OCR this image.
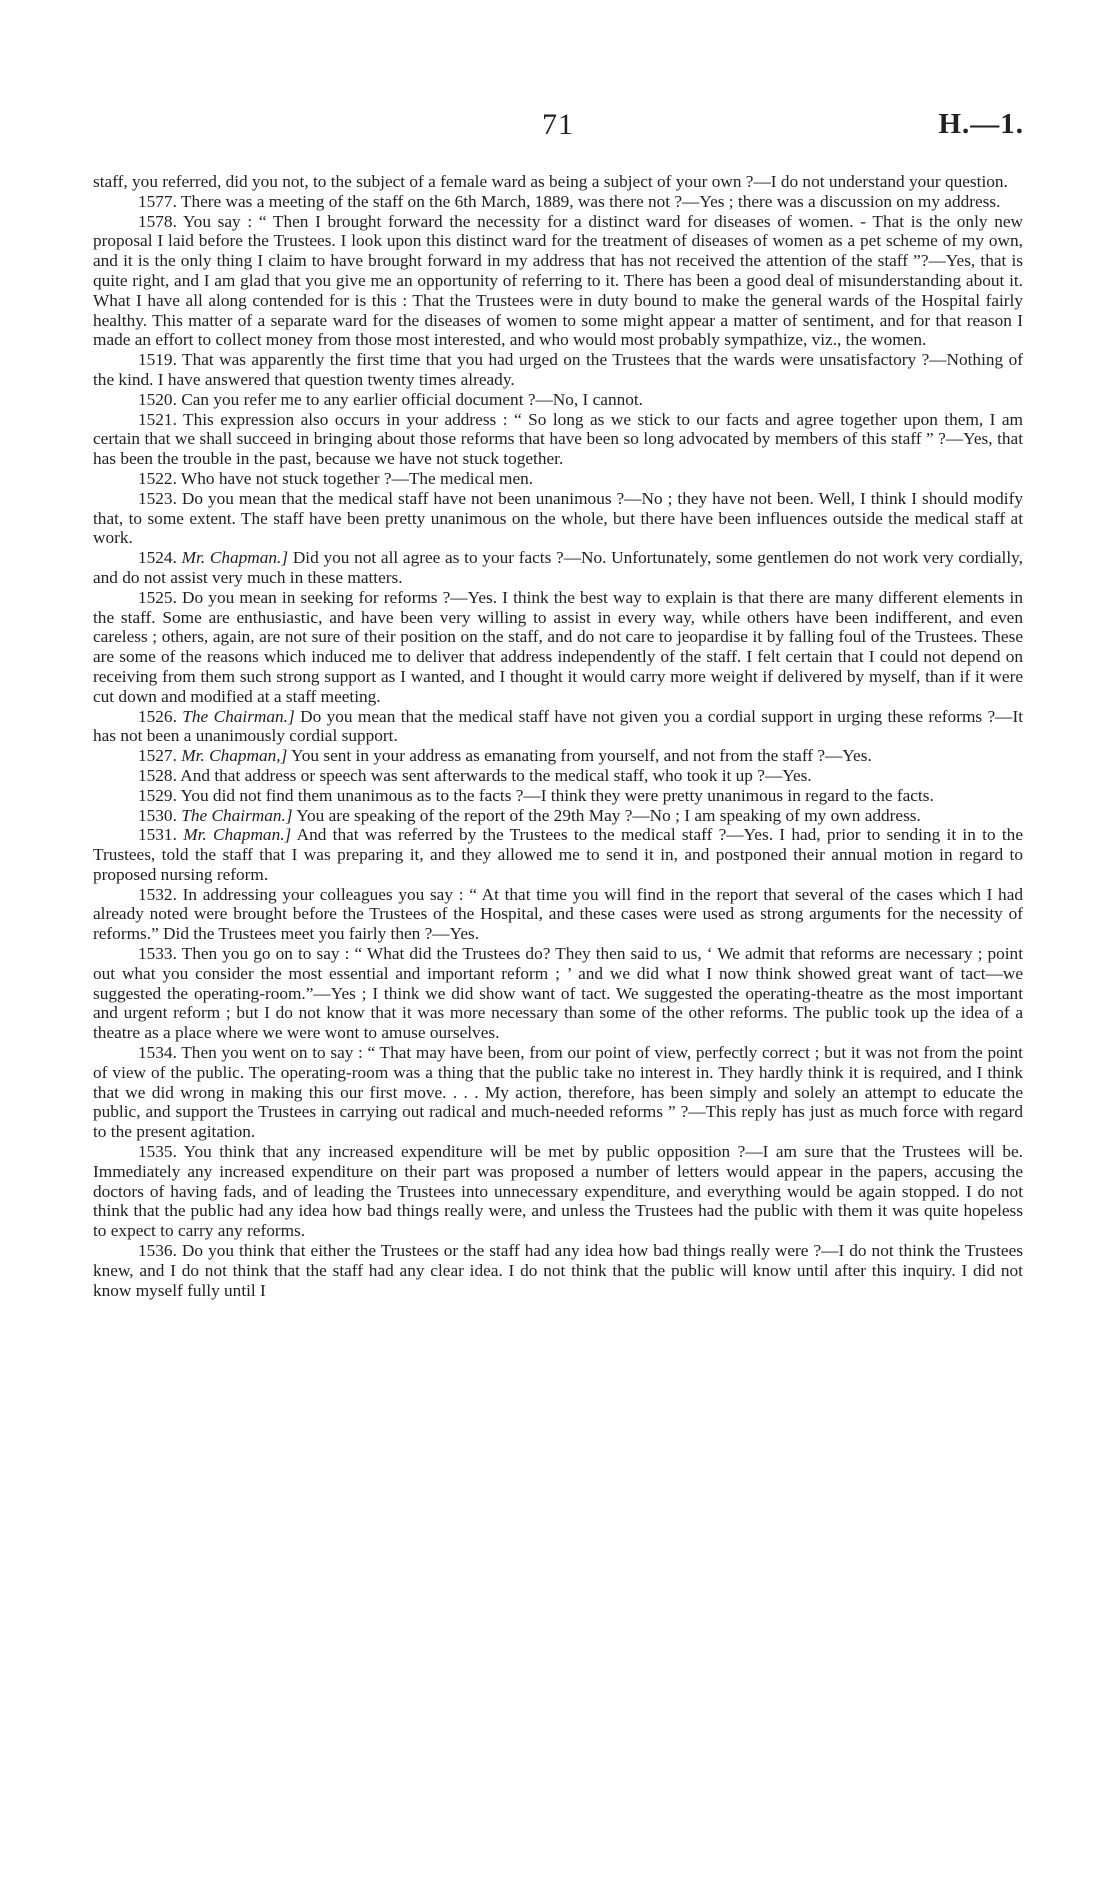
71	H.—1.

staff, you referred, did you not, to the subject of a female ward as being a subject of your own ?—I do not understand your question.

1577. There was a meeting of the staff on the 6th March, 1889, was there not ?—Yes ; there was a discussion on my address.

1578. You say : “ Then I brought forward the necessity for a distinct ward for diseases of women. - That is the only new proposal I laid before the Trustees. I look upon this distinct ward for the treatment of diseases of women as a pet scheme of my own, and it is the only thing I claim to have brought forward in my address that has not received the attention of the staff ”?—Yes, that is quite right, and I am glad that you give me an opportunity of referring to it. There has been a good deal of misunderstanding about it. What I have all along contended for is this : That the Trustees were in duty bound to make the general wards of the Hospital fairly healthy. This matter of a separate ward for the diseases of women to some might appear a matter of sentiment, and for that reason I made an effort to collect money from those most interested, and who would most probably sympathize, viz., the women.

1519. That was apparently the first time that you had urged on the Trustees that the wards were unsatisfactory ?—Nothing of the kind. I have answered that question twenty times already.

1520. Can you refer me to any earlier official document ?—No, I cannot.

1521. This expression also occurs in your address : “ So long as we stick to our facts and agree together upon them, I am certain that we shall succeed in bringing about those reforms that have been so long advocated by members of this staff ” ?—Yes, that has been the trouble in the past, because we have not stuck together.

1522. Who have not stuck together ?—The medical men.

1523. Do you mean that the medical staff have not been unanimous ?—No ; they have not been. Well, I think I should modify that, to some extent. The staff have been pretty unanimous on the whole, but there have been influences outside the medical staff at work.

1524. Mr. Chapman.] Did you not all agree as to your facts ?—No. Unfortunately, some gentlemen do not work very cordially, and do not assist very much in these matters.

1525. Do you mean in seeking for reforms ?—Yes. I think the best way to explain is that there are many different elements in the staff. Some are enthusiastic, and have been very willing to assist in every way, while others have been indifferent, and even careless ; others, again, are not sure of their position on the staff, and do not care to jeopardise it by falling foul of the Trustees. These are some of the reasons which induced me to deliver that address independently of the staff. I felt certain that I could not depend on receiving from them such strong support as I wanted, and I thought it would carry more weight if delivered by myself, than if it were cut down and modified at a staff meeting.

1526. The Chairman.] Do you mean that the medical staff have not given you a cordial support in urging these reforms ?—It has not been a unanimously cordial support.

1527. Mr. Chapman,] You sent in your address as emanating from yourself, and not from the staff ?—Yes.

1528. And that address or speech was sent afterwards to the medical staff, who took it up ?—Yes.

1529. You did not find them unanimous as to the facts ?—I think they were pretty unanimous in regard to the facts.

1530. The Chairman.] You are speaking of the report of the 29th May ?—No ; I am speaking of my own address.

1531. Mr. Chapman.] And that was referred by the Trustees to the medical staff ?—Yes. I had, prior to sending it in to the Trustees, told the staff that I was preparing it, and they allowed me to send it in, and postponed their annual motion in regard to proposed nursing reform.

1532. In addressing your colleagues you say : “ At that time you will find in the report that several of the cases which I had already noted were brought before the Trustees of the Hospital, and these cases were used as strong arguments for the necessity of reforms.” Did the Trustees meet you fairly then ?—Yes.

1533. Then you go on to say : “ What did the Trustees do? They then said to us, ‘ We admit that reforms are necessary ; point out what you consider the most essential and important reform ; ’ and we did what I now think showed great want of tact—we suggested the operating-room.”—Yes ; I think we did show want of tact. We suggested the operating-theatre as the most important and urgent reform ; but I do not know that it was more necessary than some of the other reforms. The public took up the idea of a theatre as a place where we were wont to amuse ourselves.

1534. Then you went on to say : “ That may have been, from our point of view, perfectly correct ; but it was not from the point of view of the public. The operating-room was a thing that the public take no interest in. They hardly think it is required, and I think that we did wrong in making this our first move. . . . My action, therefore, has been simply and solely an attempt to educate the public, and support the Trustees in carrying out radical and much-needed reforms ” ?—This reply has just as much force with regard to the present agitation.

1535. You think that any increased expenditure will be met by public opposition ?—I am sure that the Trustees will be. Immediately any increased expenditure on their part was proposed a number of letters would appear in the papers, accusing the doctors of having fads, and of leading the Trustees into unnecessary expenditure, and everything would be again stopped. I do not think that the public had any idea how bad things really were, and unless the Trustees had the public with them it was quite hopeless to expect to carry any reforms.

1536. Do you think that either the Trustees or the staff had any idea how bad things really were ?—I do not think the Trustees knew, and I do not think that the staff had any clear idea. I do not think that the public will know until after this inquiry. I did not know myself fully until I
